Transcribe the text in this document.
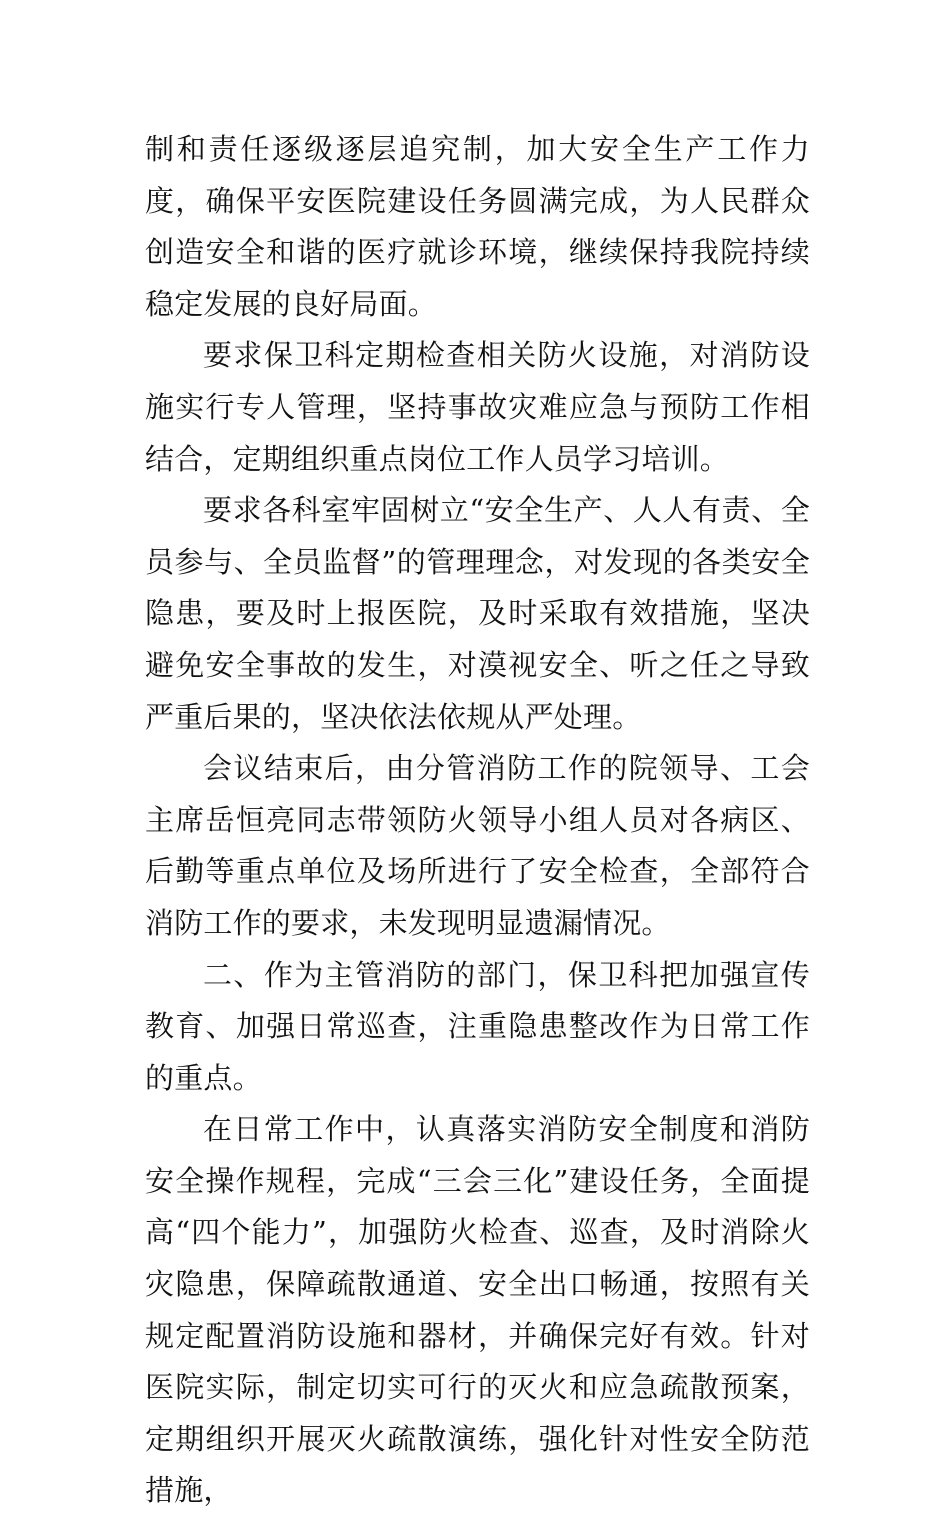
制和责任逐级逐层追究制，加大安全生产工作力度，确保平安医院建设任务圆满完成，为人民群众创造安全和谐的医疗就诊环境，继续保持我院持续稳定发展的良好局面。

要求保卫科定期检查相关防火设施，对消防设施实行专人管理，坚持事故灾难应急与预防工作相结合，定期组织重点岗位工作人员学习培训。

要求各科室牢固树立“安全生产、人人有责、全员参与、全员监督”的管理理念，对发现的各类安全隐患，要及时上报医院，及时采取有效措施，坚决避免安全事故的发生，对漠视安全、听之任之导致严重后果的，坚决依法依规从严处理。

会议结束后，由分管消防工作的院领导、工会主席岳恒亮同志带领防火领导小组人员对各病区、后勤等重点单位及场所进行了安全检查，全部符合消防工作的要求，未发现明显遗漏情况。

二、作为主管消防的部门，保卫科把加强宣传教育、加强日常巡查，注重隐患整改作为日常工作的重点。

在日常工作中，认真落实消防安全制度和消防安全操作规程，完成“三会三化”建设任务，全面提高“四个能力”，加强防火检查、巡查，及时消除火灾隐患，保障疏散通道、安全出口畅通，按照有关规定配置消防设施和器材，并确保完好有效。针对医院实际，制定切实可行的灭火和应急疏散预案，定期组织开展灭火疏散演练，强化针对性安全防范措施，
